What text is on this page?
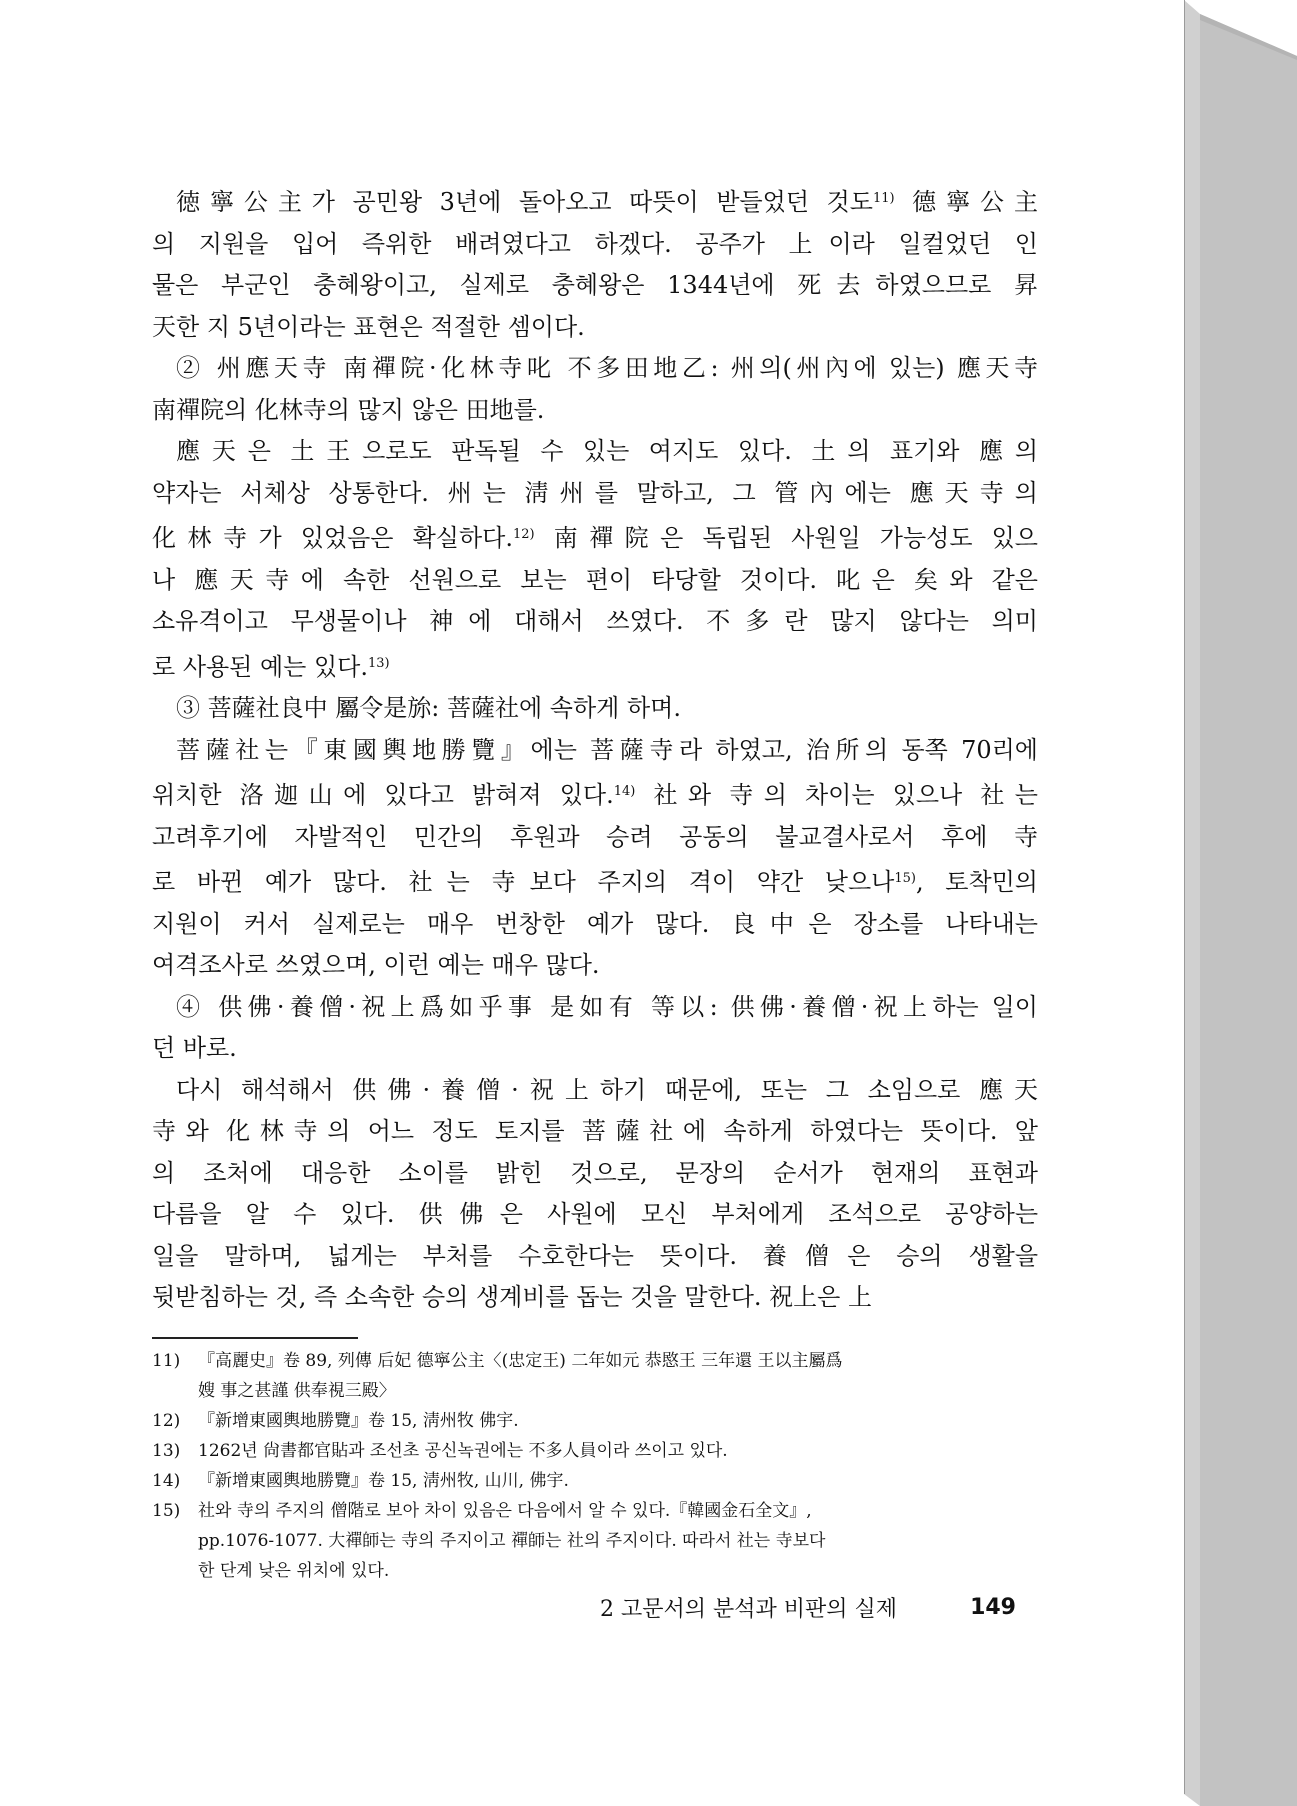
徳寧公主가 공민왕 3년에 돌아오고 따뜻이 받들었던 것도$^{11)}$ 德寧公主
의 지원을 입어 즉위한 배려였다고 하겠다. 공주가 上이라 일컬었던 인
물은 부군인 충혜왕이고, 실제로 충혜왕은 1344년에 死去하였으므로 昇
天한 지 5년이라는 표현은 적절한 셈이다.
② 州應天寺 南禪院·化林寺叱 不多田地乙: 州의(州內에 있는) 應天寺
南禪院의 化林寺의 많지 않은 田地를.
應天은 土王으로도 판독될 수 있는 여지도 있다. 土의 표기와 應의
약자는 서체상 상통한다. 州는 淸州를 말하고, 그 管內에는 應天寺의
化林寺가 있었음은 확실하다.$^{12)}$ 南禪院은 독립된 사원일 가능성도 있으
나 應天寺에 속한 선원으로 보는 편이 타당할 것이다. 叱은 矣와 같은
소유격이고 무생물이나 神에 대해서 쓰였다. 不多란 많지 않다는 의미
로 사용된 예는 있다.$^{13)}$
③ 菩薩社良中 屬令是旀: 菩薩社에 속하게 하며.
菩薩社는『東國輿地勝覽』에는 菩薩寺라 하였고, 治所의 동쪽 70리에
위치한 洛迦山에 있다고 밝혀져 있다.$^{14)}$ 社와 寺의 차이는 있으나 社는
고려후기에 자발적인 민간의 후원과 승려 공동의 불교결사로서 후에 寺
로 바뀐 예가 많다. 社는 寺보다 주지의 격이 약간 낮으나$^{15)}$, 토착민의
지원이 커서 실제로는 매우 번창한 예가 많다. 良中은 장소를 나타내는
여격조사로 쓰였으며, 이런 예는 매우 많다.
④ 供佛·養僧·祝上爲如乎事 是如有 等以: 供佛·養僧·祝上하는 일이
던 바로.
다시 해석해서 供佛·養僧·祝上하기 때문에, 또는 그 소임으로 應天
寺와 化林寺의 어느 정도 토지를 菩薩社에 속하게 하였다는 뜻이다. 앞
의 조처에 대응한 소이를 밝힌 것으로, 문장의 순서가 현재의 표현과
다름을 알 수 있다. 供佛은 사원에 모신 부처에게 조석으로 공양하는
일을 말하며, 넓게는 부처를 수호한다는 뜻이다. 養僧은 승의 생활을
뒷받침하는 것, 즉 소속한 승의 생계비를 돕는 것을 말한다. 祝上은 上
11)	『高麗史』卷 89, 列傳 后妃 德寧公主〈(忠定王) 二年如元 恭愍王 三年還 王以主屬爲
嫂 事之甚謹 供奉視三殿〉
12)	『新增東國輿地勝覽』卷 15, 淸州牧 佛宇.
13)	1262년 尙書都官貼과 조선초 공신녹권에는 不多人員이라 쓰이고 있다.
14)	『新增東國輿地勝覽』卷 15, 淸州牧, 山川, 佛宇.
15)	社와 寺의 주지의 僧階로 보아 차이 있음은 다음에서 알 수 있다.『韓國金石全文』,
pp.1076-1077. 大禪師는 寺의 주지이고 禪師는 社의 주지이다. 따라서 社는 寺보다
한 단계 낮은 위치에 있다.
2 고문서의 분석과 비판의 실제	149
